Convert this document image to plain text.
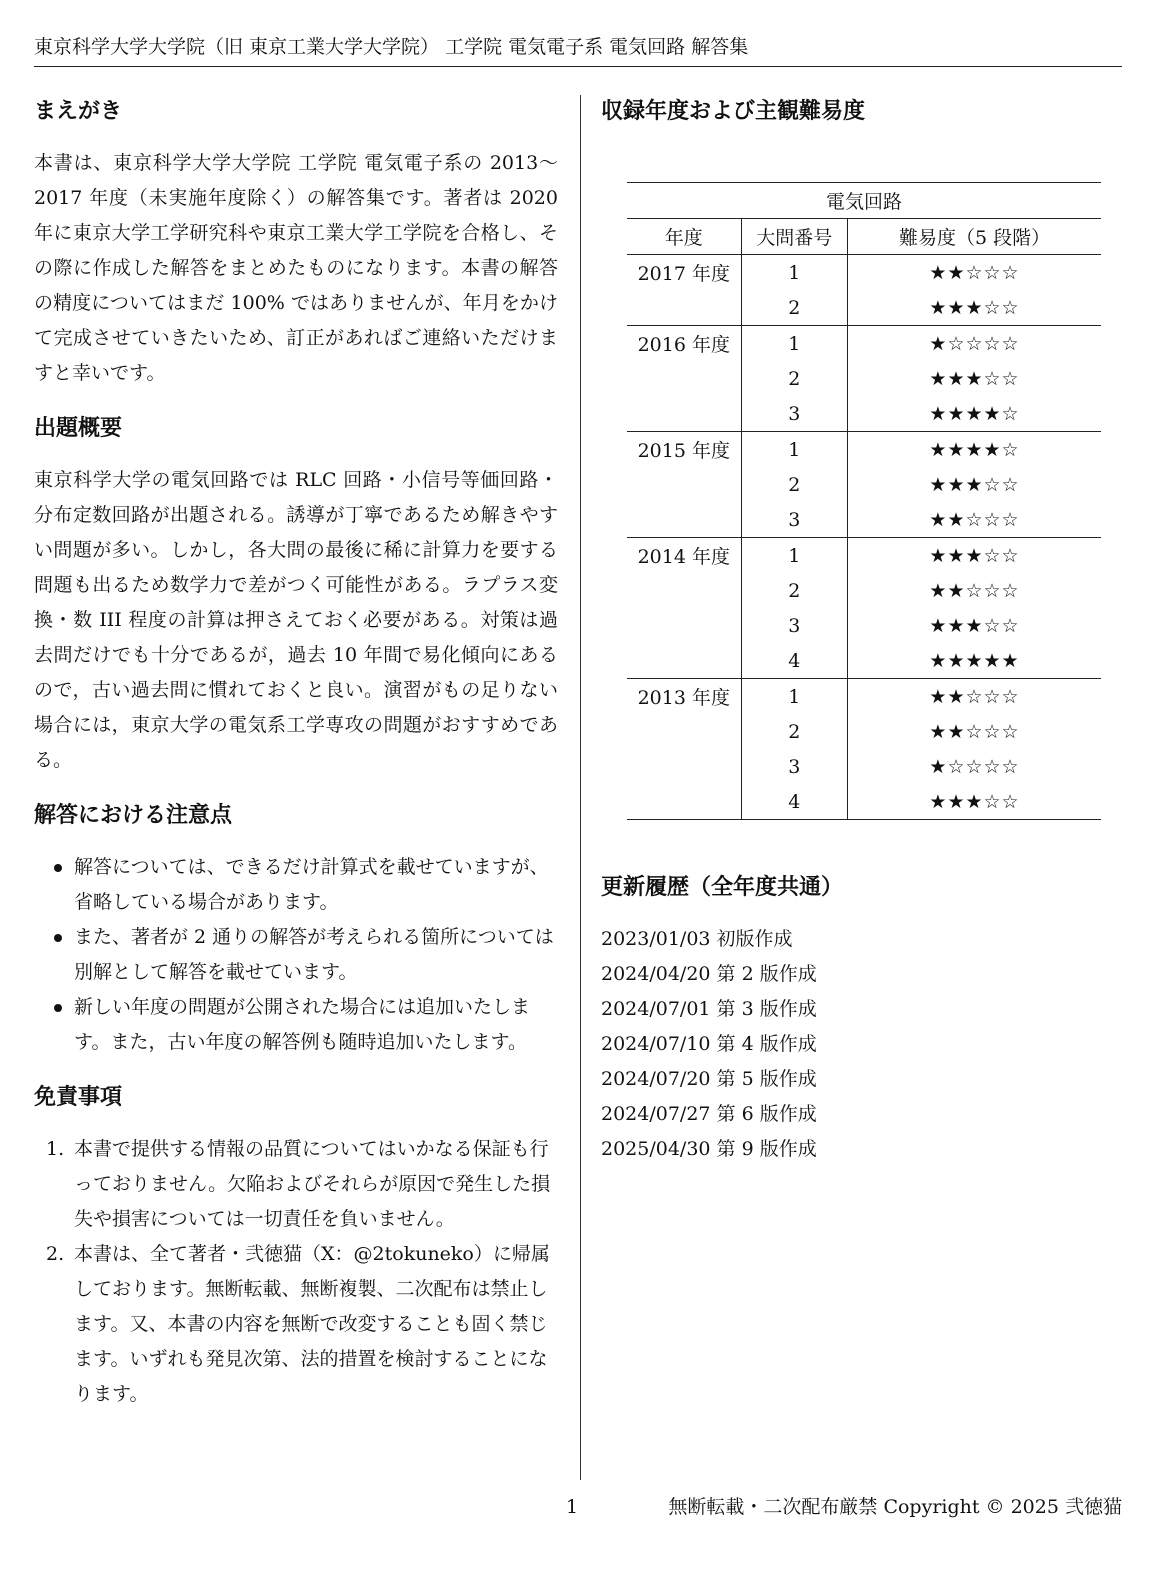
東京科学大学大学院（旧 東京工業大学大学院） 工学院 電気電子系 電気回路 解答集
まえがき

本書は、東京科学大学大学院 工学院 電気電子系の 2013〜2017 年度（未実施年度除く）の解答集です。著者は 2020 年に東京大学工学研究科や東京工業大学工学院を合格し、その際に作成した解答をまとめたものになります。本書の解答の精度についてはまだ 100% ではありませんが、年月をかけて完成させていきたいため、訂正があればご連絡いただけますと幸いです。

出題概要

東京科学大学の電気回路では RLC 回路・小信号等価回路・分布定数回路が出題される。誘導が丁寧であるため解きやすい問題が多い。しかし，各大問の最後に稀に計算力を要する問題も出るため数学力で差がつく可能性がある。ラプラス変換・数 III 程度の計算は押さえておく必要がある。対策は過去問だけでも十分であるが，過去 10 年間で易化傾向にあるので，古い過去問に慣れておくと良い。演習がもの足りない場合には，東京大学の電気系工学専攻の問題がおすすめである。

解答における注意点
解答については、できるだけ計算式を載せていますが、省略している場合があります。
また、著者が 2 通りの解答が考えられる箇所については別解として解答を載せています。
新しい年度の問題が公開された場合には追加いたします。また，古い年度の解答例も随時追加いたします。
免責事項
1. 本書で提供する情報の品質についてはいかなる保証も行っておりません。欠陥およびそれらが原因で発生した損失や損害については一切責任を負いません。
2. 本書は、全て著者・弐徳猫（X：@2tokuneko）に帰属しております。無断転載、無断複製、二次配布は禁止します。又、本書の内容を無断で改変することも固く禁じます。いずれも発見次第、法的措置を検討することになります。
収録年度および主観難易度
電気回路		
年度	大問番号	難易度（5 段階）
2017 年度	1	★★☆☆☆
	2	★★★☆☆
2016 年度	1	★☆☆☆☆
	2	★★★☆☆
	3	★★★★☆
2015 年度	1	★★★★☆
	2	★★★☆☆
	3	★★☆☆☆
2014 年度	1	★★★☆☆
	2	★★☆☆☆
	3	★★★☆☆
	4	★★★★★
2013 年度	1	★★☆☆☆
	2	★★☆☆☆
	3	★☆☆☆☆
	4	★★★☆☆
更新履歴（全年度共通）
2023/01/03 初版作成
2024/04/20 第 2 版作成
2024/07/01 第 3 版作成
2024/07/10 第 4 版作成
2024/07/20 第 5 版作成
2024/07/27 第 6 版作成
2025/04/30 第 9 版作成
1	無断転載・二次配布厳禁 Copyright © 2025 弐徳猫
